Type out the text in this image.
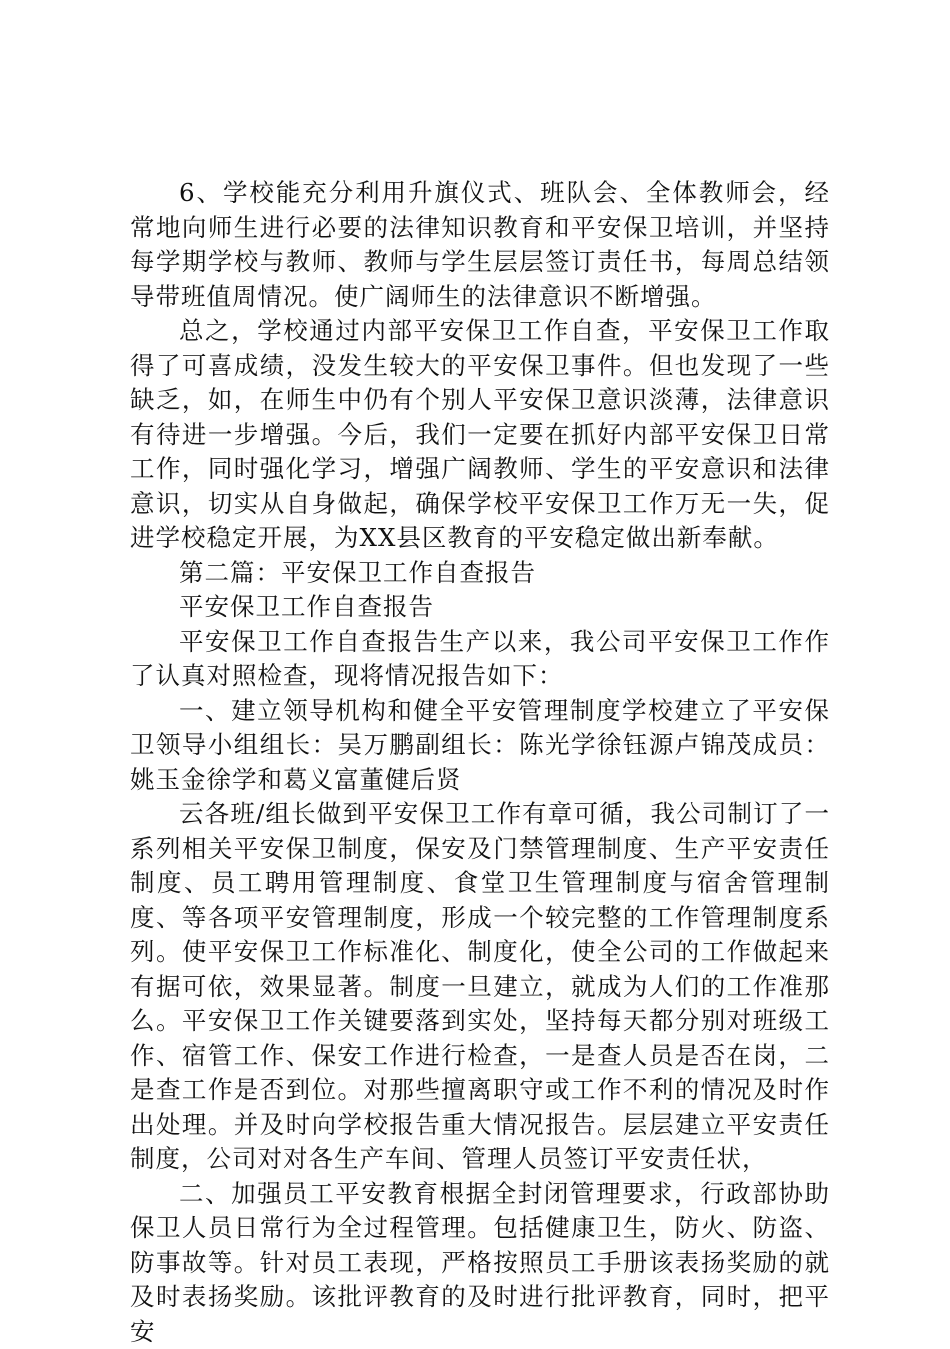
6、学校能充分利用升旗仪式、班队会、全体教师会，经常地向师生进行必要的法律知识教育和平安保卫培训，并坚持每学期学校与教师、教师与学生层层签订责任书，每周总结领导带班值周情况。使广阔师生的法律意识不断增强。

总之，学校通过内部平安保卫工作自查，平安保卫工作取得了可喜成绩，没发生较大的平安保卫事件。但也发现了一些缺乏，如，在师生中仍有个别人平安保卫意识淡薄，法律意识有待进一步增强。今后，我们一定要在抓好内部平安保卫日常工作，同时强化学习，增强广阔教师、学生的平安意识和法律意识，切实从自身做起，确保学校平安保卫工作万无一失，促进学校稳定开展，为XX县区教育的平安稳定做出新奉献。

第二篇：平安保卫工作自查报告

平安保卫工作自查报告

平安保卫工作自查报告生产以来，我公司平安保卫工作作了认真对照检查，现将情况报告如下：

一、建立领导机构和健全平安管理制度学校建立了平安保卫领导小组组长：吴万鹏副组长：陈光学徐钰源卢锦茂成员：姚玉金徐学和葛义富董健后贤

云各班/组长做到平安保卫工作有章可循，我公司制订了一系列相关平安保卫制度，保安及门禁管理制度、生产平安责任制度、员工聘用管理制度、食堂卫生管理制度与宿舍管理制度、等各项平安管理制度，形成一个较完整的工作管理制度系列。使平安保卫工作标准化、制度化，使全公司的工作做起来有据可依，效果显著。制度一旦建立，就成为人们的工作准那么。平安保卫工作关键要落到实处，坚持每天都分别对班级工作、宿管工作、保安工作进行检查，一是查人员是否在岗，二是查工作是否到位。对那些擅离职守或工作不利的情况及时作出处理。并及时向学校报告重大情况报告。层层建立平安责任制度，公司对对各生产车间、管理人员签订平安责任状，

二、加强员工平安教育根据全封闭管理要求，行政部协助保卫人员日常行为全过程管理。包括健康卫生，防火、防盗、防事故等。针对员工表现，严格按照员工手册该表扬奖励的就及时表扬奖励。该批评教育的及时进行批评教育，同时，把平安
